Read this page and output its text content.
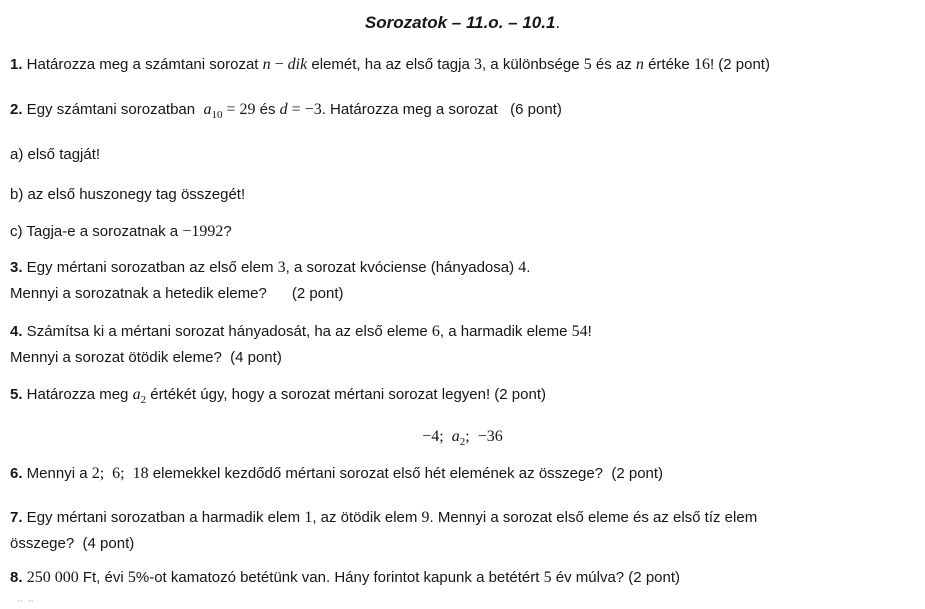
Sorozatok – 11.o. – 10.1.
1. Határozza meg a számtani sorozat n − dik elemét, ha az első tagja 3, a különbsége 5 és az n értéke 16! (2 pont)
2. Egy számtani sorozatban  $a_{10} = 29$ és d = −3. Határozza meg a sorozat   (6 pont)
a) első tagját!
b) az első huszonegy tag összegét!
c) Tagja-e a sorozatnak a −1992?
3. Egy mértani sorozatban az első elem 3, a sorozat kvóciense (hányadosa) 4.
Mennyi a sorozatnak a hetedik eleme?      (2 pont)
4. Számítsa ki a mértani sorozat hányadosát, ha az első eleme 6, a harmadik eleme 54!
Mennyi a sorozat ötödik eleme?  (4 pont)
5. Határozza meg $a_2$ értékét úgy, hogy a sorozat mértani sorozat legyen! (2 pont)
−4;  $a_2$;  −36
6. Mennyi a 2;  6;  18 elemekkel kezdődő mértani sorozat első hét elemének az összege?  (2 pont)
7. Egy mértani sorozatban a harmadik elem 1, az ötödik elem 9. Mennyi a sorozat első eleme és az első tíz elem
összege?  (4 pont)
8. 250 000 Ft, évi 5%-ot kamatozó betétünk van. Hány forintot kapunk a betétért 5 év múlva? (2 pont)
¨¨
